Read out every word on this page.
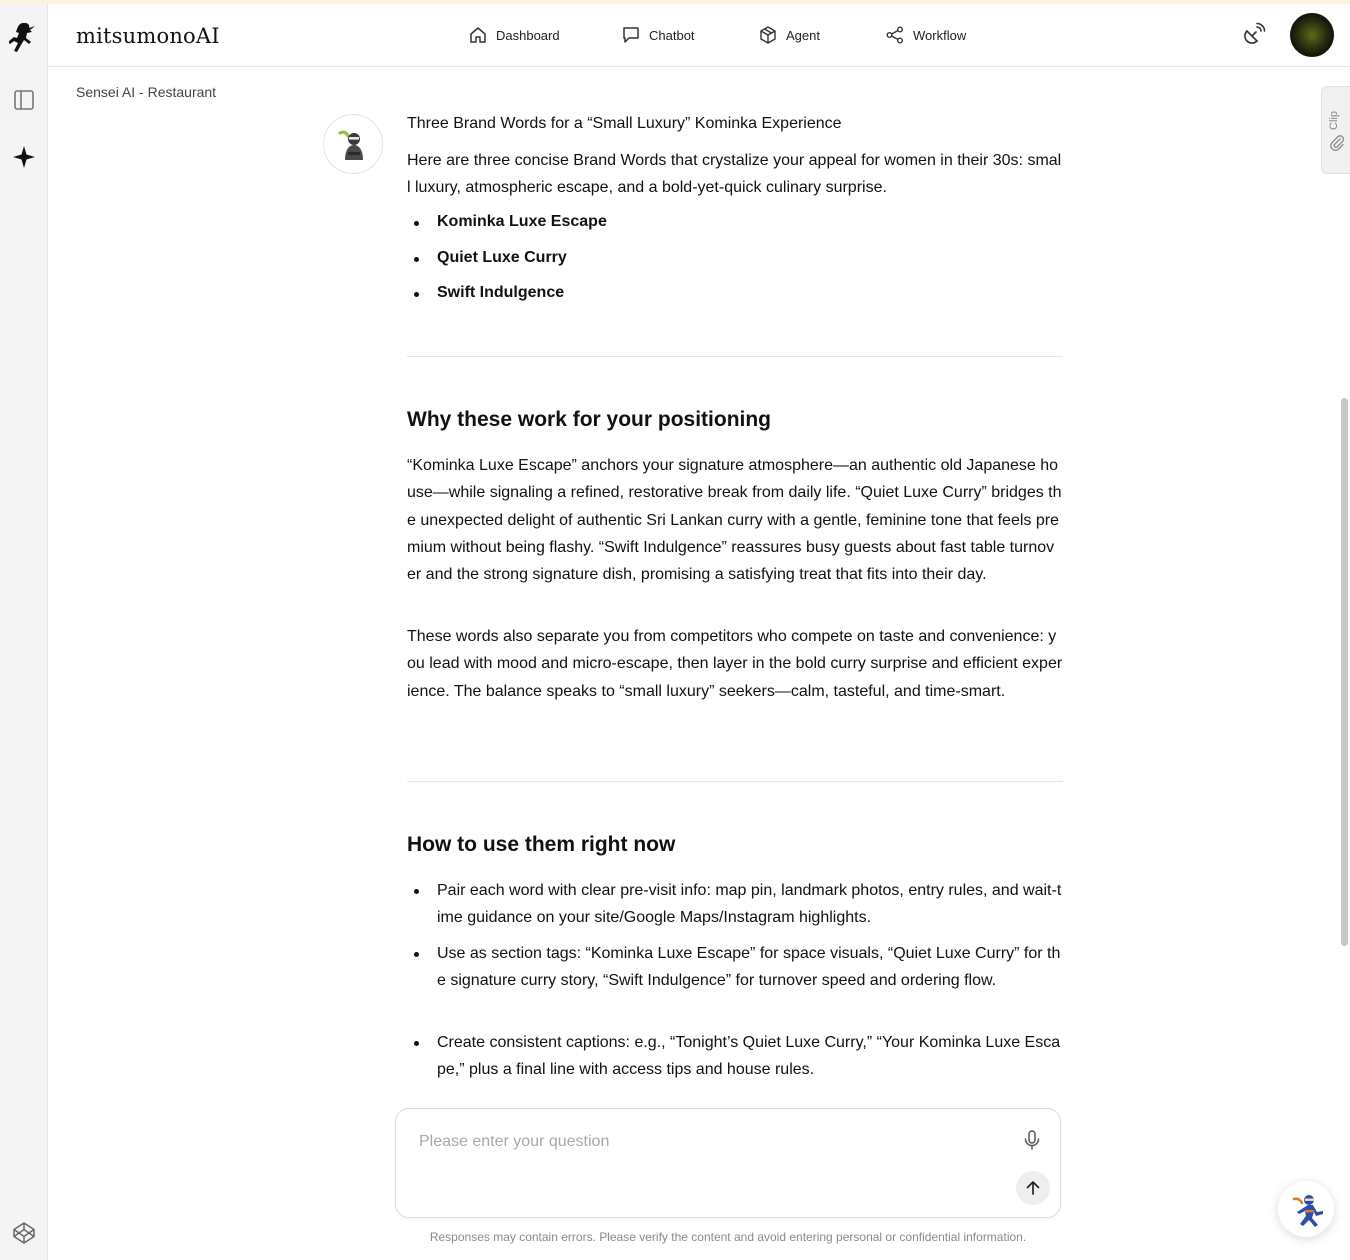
mitsumonoAI	Dashboard	Chatbot	Agent	Workflow
Sensei AI - Restaurant
Clip
Three Brand Words for a “Small Luxury” Kominka Experience

Here are three concise Brand Words that crystalize your appeal for women in their 30s: small luxury, atmospheric escape, and a bold-yet-quick culinary surprise.

Kominka Luxe Escape
Quiet Luxe Curry
Swift Indulgence
Why these work for your positioning

“Kominka Luxe Escape” anchors your signature atmosphere—an authentic old Japanese house—while signaling a refined, restorative break from daily life. “Quiet Luxe Curry” bridges the unexpected delight of authentic Sri Lankan curry with a gentle, feminine tone that feels premium without being flashy. “Swift Indulgence” reassures busy guests about fast table turnover and the strong signature dish, promising a satisfying treat that fits into their day.

These words also separate you from competitors who compete on taste and convenience: you lead with mood and micro-escape, then layer in the bold curry surprise and efficient experience. The balance speaks to “small luxury” seekers—calm, tasteful, and time-smart.

How to use them right now
Pair each word with clear pre-visit info: map pin, landmark photos, entry rules, and wait-time guidance on your site/Google Maps/Instagram highlights.
Use as section tags: “Kominka Luxe Escape” for space visuals, “Quiet Luxe Curry” for the signature curry story, “Swift Indulgence” for turnover speed and ordering flow.
Create consistent captions: e.g., “Tonight’s Quiet Luxe Curry,” “Your Kominka Luxe Escape,” plus a final line with access tips and house rules.
Please enter your question
Responses may contain errors. Please verify the content and avoid entering personal or confidential information.
